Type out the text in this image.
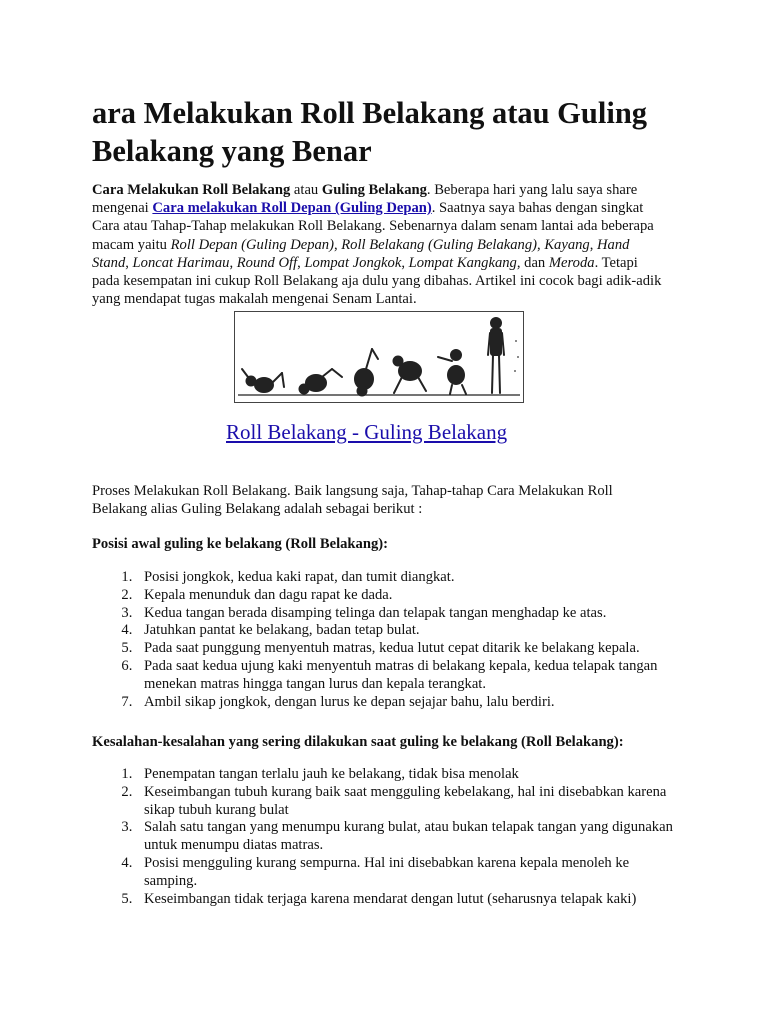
ara Melakukan Roll Belakang atau Guling Belakang yang Benar

Cara Melakukan Roll Belakang atau Guling Belakang. Beberapa hari yang lalu saya share mengenai Cara melakukan Roll Depan (Guling Depan). Saatnya saya bahas dengan singkat Cara atau Tahap-Tahap melakukan Roll Belakang. Sebenarnya dalam senam lantai ada beberapa macam yaitu Roll Depan (Guling Depan), Roll Belakang (Guling Belakang), Kayang, Hand Stand, Loncat Harimau, Round Off, Lompat Jongkok, Lompat Kangkang, dan Meroda. Tetapi pada kesempatan ini cukup Roll Belakang aja dulu yang dibahas. Artikel ini cocok bagi adik-adik yang mendapat tugas makalah mengenai Senam Lantai.

Roll Belakang - Guling Belakang

Proses Melakukan Roll Belakang. Baik langsung saja, Tahap-tahap Cara Melakukan Roll Belakang alias Guling Belakang adalah sebagai berikut :

Posisi awal guling ke belakang (Roll Belakang):

1. Posisi jongkok, kedua kaki rapat, dan tumit diangkat.
2. Kepala menunduk dan dagu rapat ke dada.
3. Kedua tangan berada disamping telinga dan telapak tangan menghadap ke atas.
4. Jatuhkan pantat ke belakang, badan tetap bulat.
5. Pada saat punggung menyentuh matras, kedua lutut cepat ditarik ke belakang kepala.
6. Pada saat kedua ujung kaki menyentuh matras di belakang kepala, kedua telapak tangan menekan matras hingga tangan lurus dan kepala terangkat.
7. Ambil sikap jongkok, dengan lurus ke depan sejajar bahu, lalu berdiri.

Kesalahan-kesalahan yang sering dilakukan saat guling ke belakang (Roll Belakang):

1. Penempatan tangan terlalu jauh ke belakang, tidak bisa menolak
2. Keseimbangan tubuh kurang baik saat mengguling kebelakang, hal ini disebabkan karena sikap tubuh kurang bulat
3. Salah satu tangan yang menumpu kurang bulat, atau bukan telapak tangan yang digunakan untuk menumpu diatas matras.
4. Posisi mengguling kurang sempurna. Hal ini disebabkan karena kepala menoleh ke samping.
5. Keseimbangan tidak terjaga karena mendarat dengan lutut (seharusnya telapak kaki)
